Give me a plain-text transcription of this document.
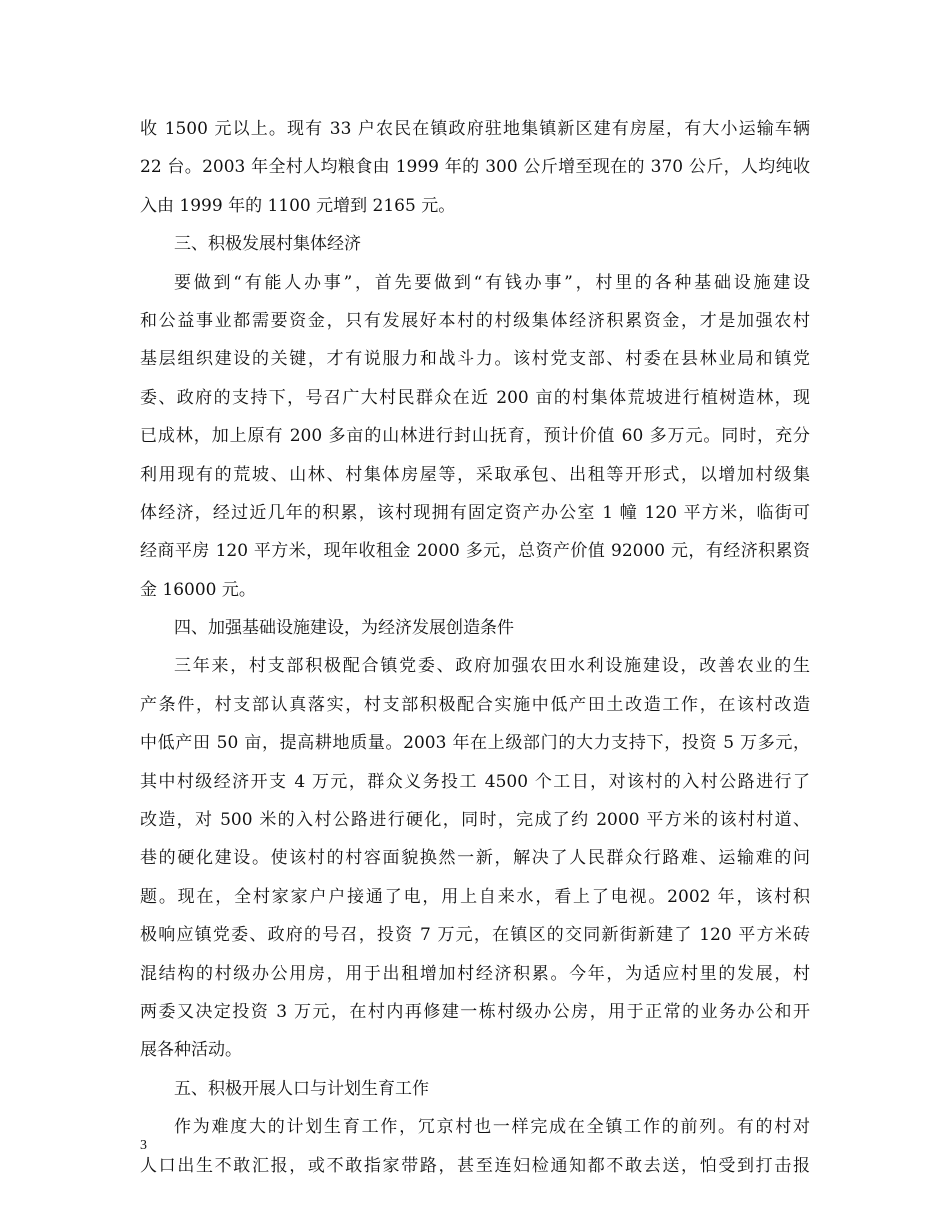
收 1500 元以上。现有 33 户农民在镇政府驻地集镇新区建有房屋，有大小运输车辆
22 台。2003 年全村人均粮食由 1999 年的 300 公斤增至现在的 370 公斤，人均纯收
入由 1999 年的 1100 元增到 2165 元。
三、积极发展村集体经济
要做到“有能人办事”，首先要做到“有钱办事”，村里的各种基础设施建设
和公益事业都需要资金，只有发展好本村的村级集体经济积累资金，才是加强农村
基层组织建设的关键，才有说服力和战斗力。该村党支部、村委在县林业局和镇党
委、政府的支持下，号召广大村民群众在近 200 亩的村集体荒坡进行植树造林，现
已成林，加上原有 200 多亩的山林进行封山抚育，预计价值 60 多万元。同时，充分
利用现有的荒坡、山林、村集体房屋等，采取承包、出租等开形式，以增加村级集
体经济，经过近几年的积累，该村现拥有固定资产办公室 1 幢 120 平方米，临街可
经商平房 120 平方米，现年收租金 2000 多元，总资产价值 92000 元，有经济积累资
金 16000 元。
四、加强基础设施建设，为经济发展创造条件
三年来，村支部积极配合镇党委、政府加强农田水利设施建设，改善农业的生
产条件，村支部认真落实，村支部积极配合实施中低产田土改造工作，在该村改造
中低产田 50 亩，提高耕地质量。2003 年在上级部门的大力支持下，投资 5 万多元，
其中村级经济开支 4 万元，群众义务投工 4500 个工日，对该村的入村公路进行了
改造，对 500 米的入村公路进行硬化，同时，完成了约 2000 平方米的该村村道、
巷的硬化建设。使该村的村容面貌换然一新，解决了人民群众行路难、运输难的问
题。现在，全村家家户户接通了电，用上自来水，看上了电视。2002 年，该村积
极响应镇党委、政府的号召，投资 7 万元，在镇区的交同新街新建了 120 平方米砖
混结构的村级办公用房，用于出租增加村经济积累。今年，为适应村里的发展，村
两委又决定投资 3 万元，在村内再修建一栋村级办公房，用于正常的业务办公和开
展各种活动。
五、积极开展人口与计划生育工作
作为难度大的计划生育工作，冗京村也一样完成在全镇工作的前列。有的村对
人口出生不敢汇报，或不敢指家带路，甚至连妇检通知都不敢去送，怕受到打击报
3
